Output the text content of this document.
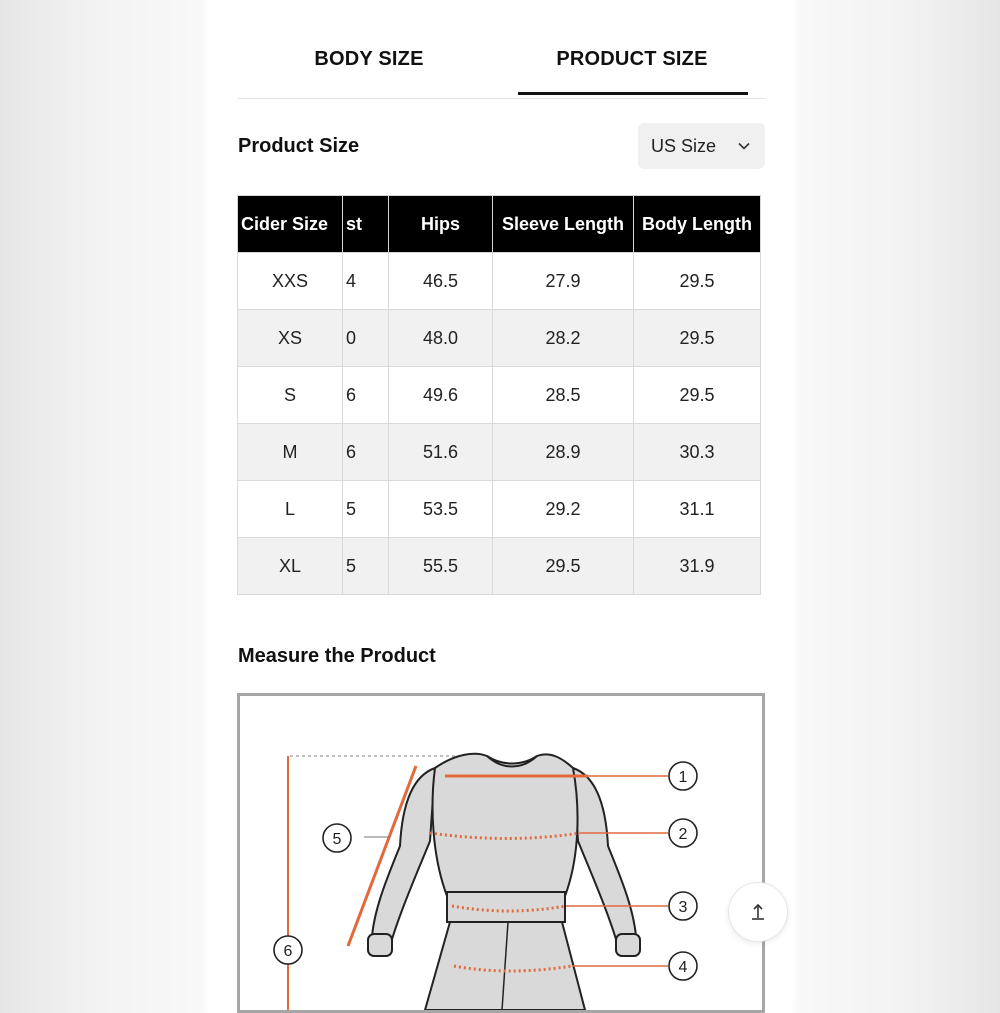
BODY SIZE	PRODUCT SIZE
Product Size	US Size
Cider Size	st	Hips	Sleeve Length	Body Length
XXS	4	46.5	27.9	29.5
XS	0	48.0	28.2	29.5
S	6	49.6	28.5	29.5
M	6	51.6	28.9	30.3
L	5	53.5	29.2	31.1
XL	5	55.5	29.5	31.9
Measure the Product
1
2
3
4
5
6
